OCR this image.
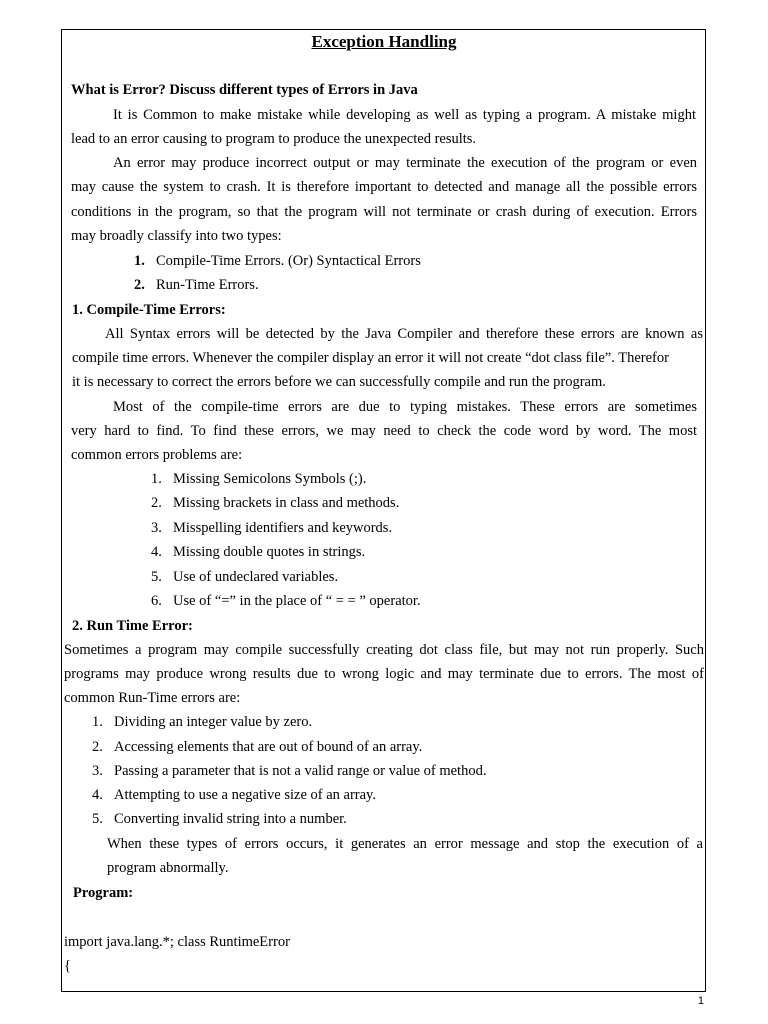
Exception Handling
What is Error? Discuss different types of Errors in Java
It is Common to make mistake while developing as well as typing a program. A mistake might
lead to an error causing to program to produce the unexpected results.
An error may produce incorrect output or may terminate the execution of the program or even
may cause the system to crash. It is therefore important to detected and manage all the possible errors
conditions in the program, so that the program will not terminate or crash during of execution. Errors
may broadly classify into two types:
1. Compile-Time Errors. (Or) Syntactical Errors
2. Run-Time Errors.
1. Compile-Time Errors:
All Syntax errors will be detected by the Java Compiler and therefore these errors are known as
compile time errors. Whenever the compiler display an error it will not create “dot class file”. Therefor
it is necessary to correct the errors before we can successfully compile and run the program.
Most of the compile-time errors are due to typing mistakes. These errors are sometimes
very hard to find. To find these errors, we may need to check the code word by word. The most
common errors problems are:
1. Missing Semicolons Symbols (;).
2. Missing brackets in class and methods.
3. Misspelling identifiers and keywords.
4. Missing double quotes in strings.
5. Use of undeclared variables.
6. Use of “=” in the place of “ = = ” operator.
2. Run Time Error:
Sometimes a program may compile successfully creating dot class file, but may not run properly. Such
programs may produce wrong results due to wrong logic and may terminate due to errors. The most of
common Run-Time errors are:
1. Dividing an integer value by zero.
2. Accessing elements that are out of bound of an array.
3. Passing a parameter that is not a valid range or value of method.
4. Attempting to use a negative size of an array.
5. Converting invalid string into a number.
When these types of errors occurs, it generates an error message and stop the execution of a
program abnormally.
Program:
import java.lang.*; class RuntimeError
{
1
